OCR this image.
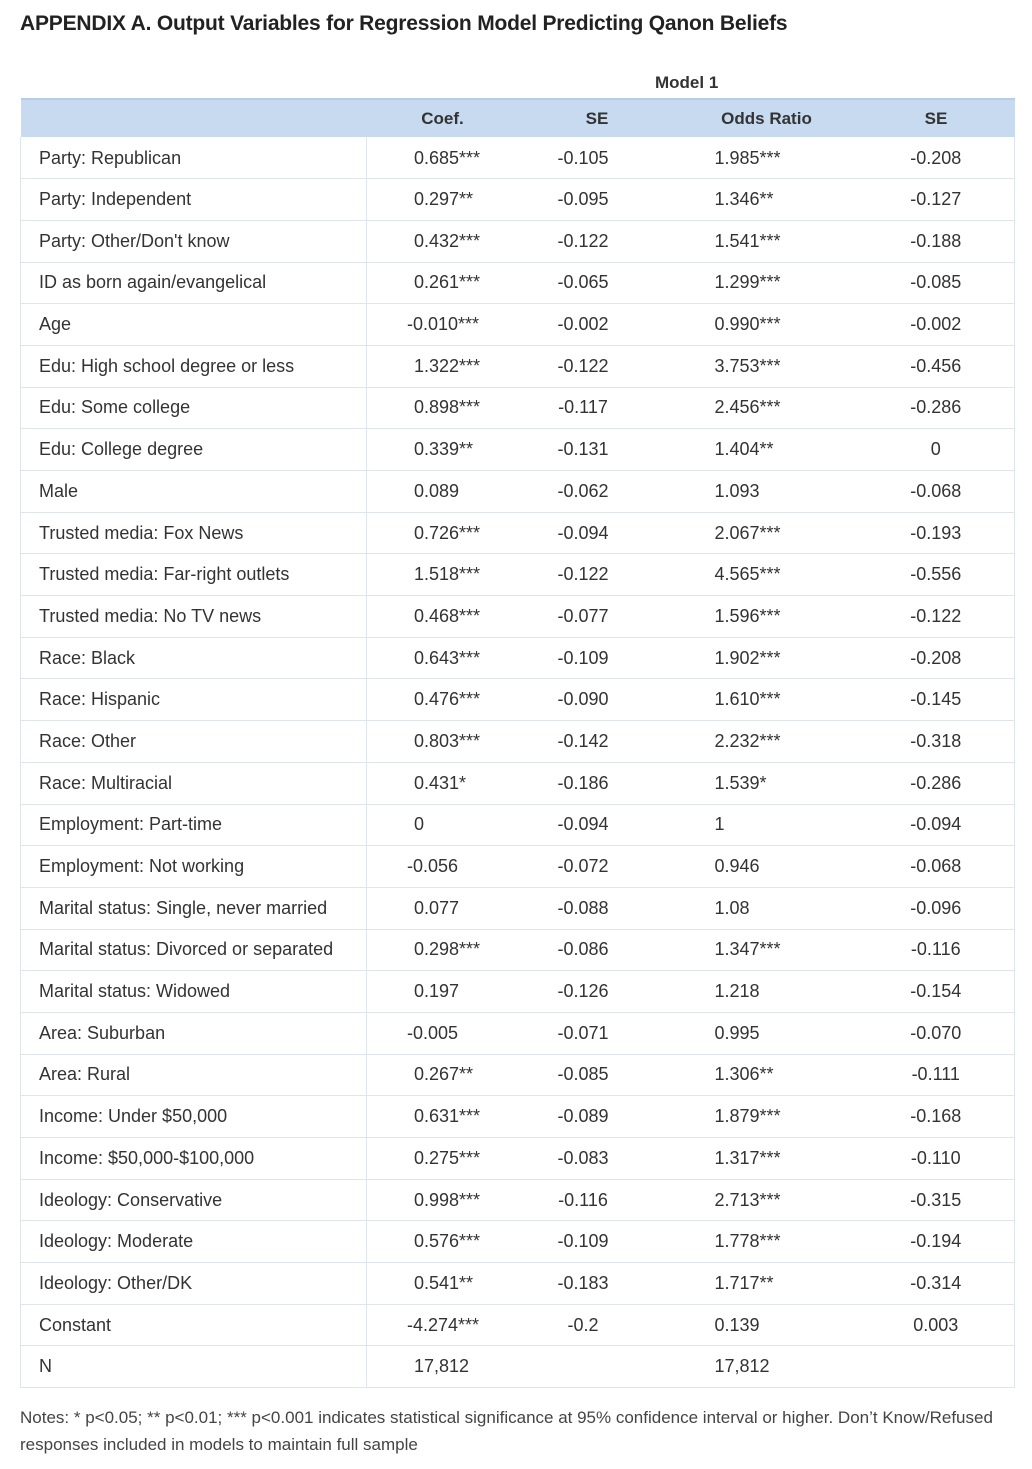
APPENDIX A. Output Variables for Regression Model Predicting Qanon Beliefs
Model 1
	Coef.	SE	Odds Ratio	SE
Party: Republican	0.685***	-0.105	1.985***	-0.208
Party: Independent	0.297**	-0.095	1.346**	-0.127
Party: Other/Don't know	0.432***	-0.122	1.541***	-0.188
ID as born again/evangelical	0.261***	-0.065	1.299***	-0.085
Age	-0.010***	-0.002	0.990***	-0.002
Edu: High school degree or less	1.322***	-0.122	3.753***	-0.456
Edu: Some college	0.898***	-0.117	2.456***	-0.286
Edu: College degree	0.339**	-0.131	1.404**	0
Male	0.089	-0.062	1.093	-0.068
Trusted media: Fox News	0.726***	-0.094	2.067***	-0.193
Trusted media: Far-right outlets	1.518***	-0.122	4.565***	-0.556
Trusted media: No TV news	0.468***	-0.077	1.596***	-0.122
Race: Black	0.643***	-0.109	1.902***	-0.208
Race: Hispanic	0.476***	-0.090	1.610***	-0.145
Race: Other	0.803***	-0.142	2.232***	-0.318
Race: Multiracial	0.431*	-0.186	1.539*	-0.286
Employment: Part-time	0	-0.094	1	-0.094
Employment: Not working	-0.056	-0.072	0.946	-0.068
Marital status: Single, never married	0.077	-0.088	1.08	-0.096
Marital status: Divorced or separated	0.298***	-0.086	1.347***	-0.116
Marital status: Widowed	0.197	-0.126	1.218	-0.154
Area: Suburban	-0.005	-0.071	0.995	-0.070
Area: Rural	0.267**	-0.085	1.306**	-0.111
Income: Under $50,000	0.631***	-0.089	1.879***	-0.168
Income: $50,000-$100,000	0.275***	-0.083	1.317***	-0.110
Ideology: Conservative	0.998***	-0.116	2.713***	-0.315
Ideology: Moderate	0.576***	-0.109	1.778***	-0.194
Ideology: Other/DK	0.541**	-0.183	1.717**	-0.314
Constant	-4.274***	-0.2	0.139	0.003
N	17,812		17,812	
Notes: * p<0.05; ** p<0.01; *** p<0.001 indicates statistical significance at 95% confidence interval or higher. Don’t Know/Refused responses included in models to maintain full sample
